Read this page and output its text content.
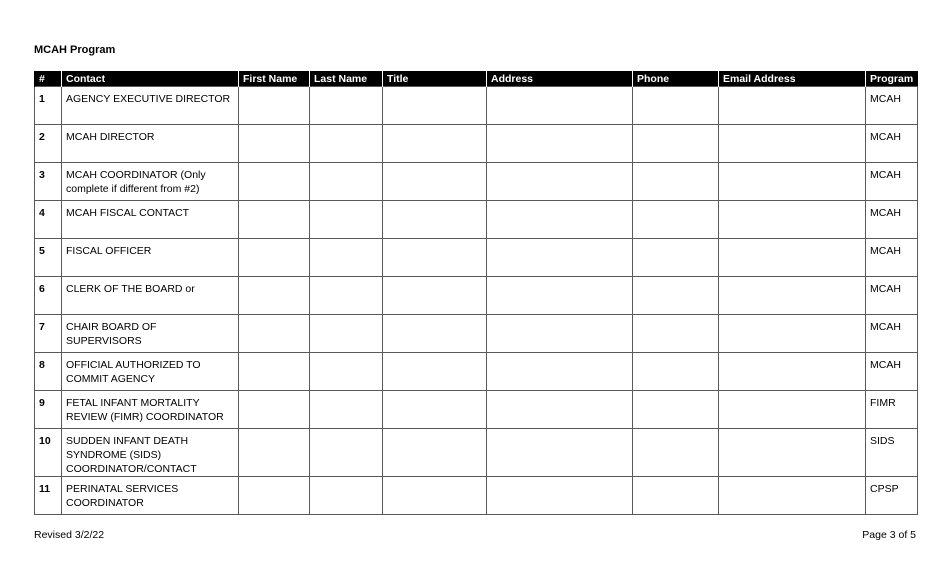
MCAH Program
#	Contact	First Name	Last Name	Title	Address	Phone	Email Address	Program
1	AGENCY EXECUTIVE DIRECTOR							MCAH
2	MCAH DIRECTOR							MCAH
3	MCAH COORDINATOR (Only complete if different from #2)							MCAH
4	MCAH FISCAL CONTACT							MCAH
5	FISCAL OFFICER							MCAH
6	CLERK OF THE BOARD or							MCAH
7	CHAIR BOARD OF SUPERVISORS							MCAH
8	OFFICIAL AUTHORIZED TO COMMIT AGENCY							MCAH
9	FETAL INFANT MORTALITY REVIEW (FIMR) COORDINATOR							FIMR
10	SUDDEN INFANT DEATH SYNDROME (SIDS) COORDINATOR/CONTACT							SIDS
11	PERINATAL SERVICES COORDINATOR							CPSP
Revised 3/2/22	Page 3 of 5
